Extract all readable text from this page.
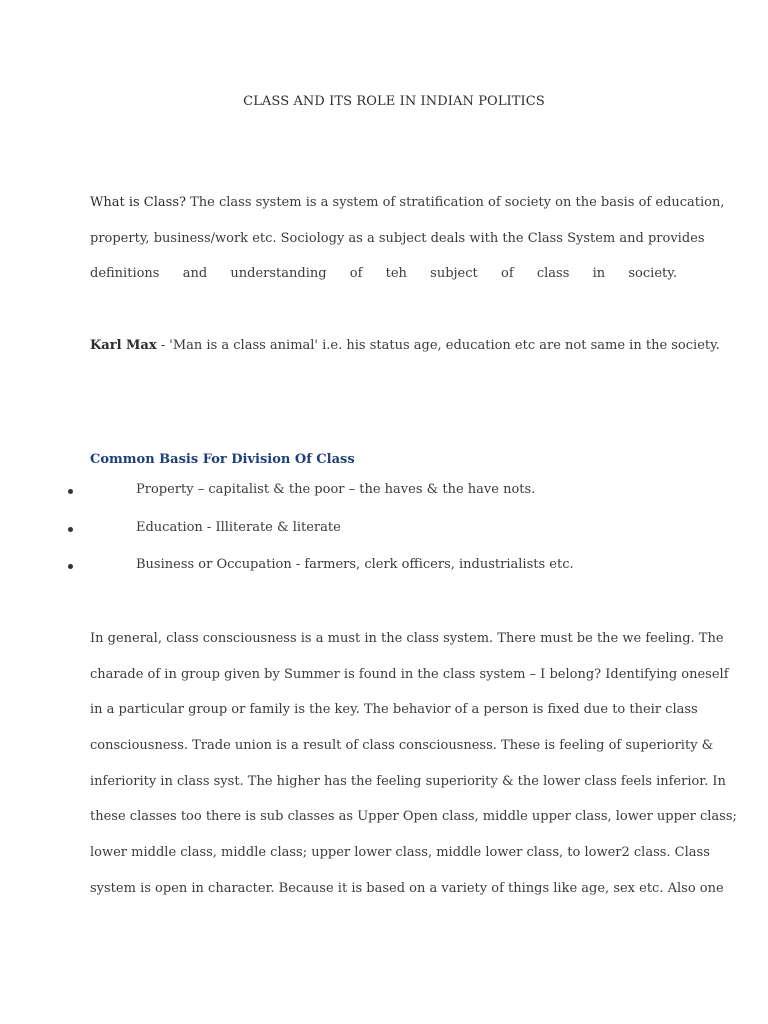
CLASS AND ITS ROLE IN INDIAN POLITICS
What is Class? The class system is a system of stratification of society on the basis of education,
property, business/work etc. Sociology as a subject deals with the Class System and provides
definitions and understanding of teh subject of class in society.
Karl Max - 'Man is a class animal' i.e. his status age, education etc are not same in the society.
Common Basis For Division Of Class
Property – capitalist & the poor – the haves & the have nots.
Education - Illiterate & literate
Business or Occupation - farmers, clerk officers, industrialists etc.
In general, class consciousness is a must in the class system. There must be the we feeling. The
charade of in group given by Summer is found in the class system – I belong? Identifying oneself
in a particular group or family is the key. The behavior of a person is fixed due to their class
consciousness. Trade union is a result of class consciousness. These is feeling of superiority &
inferiority in class syst. The higher has the feeling superiority & the lower class feels inferior. In
these classes too there is sub classes as Upper Open class, middle upper class, lower upper class;
lower middle class, middle class; upper lower class, middle lower class, to lower2 class. Class
system is open in character. Because it is based on a variety of things like age, sex etc. Also one
